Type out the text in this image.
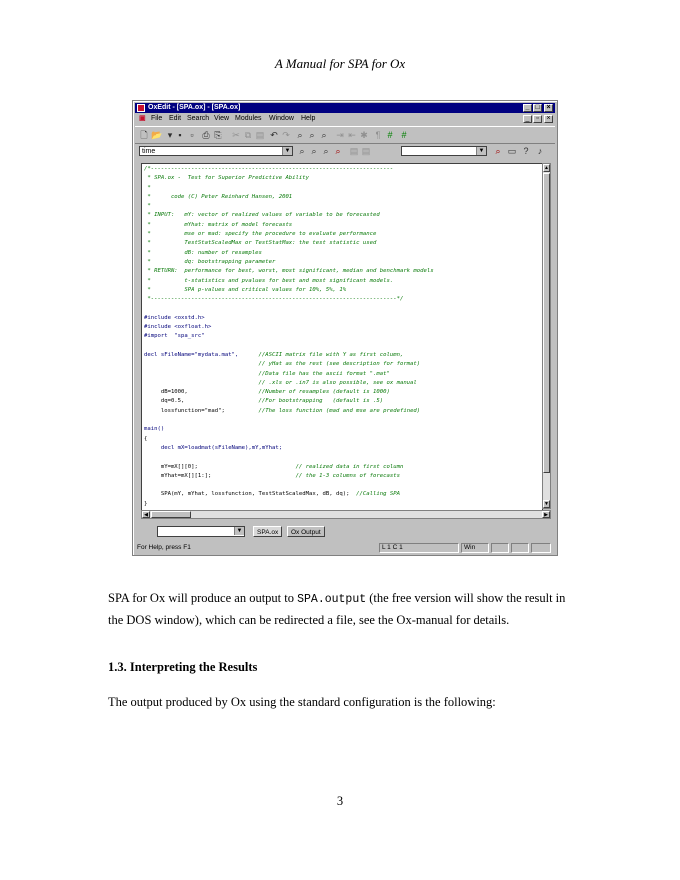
A Manual for SPA for Ox
OxEdit - [SPA.ox] - [SPA.ox]	_ □ ×
▣ File Edit Search View Modules Window Help	_ ▫	×
🗋 📂 ▾ ▪ ▫ ⎙ ⎘ ✂ ⧉ ▤ ↶ ↷ ⌕ ⌕ ⌕ ⇥ ⇤ ✱ ¶ # #
time	▼ ⌕ ⌕ ⌕ ⌕ ▤ ▤	▼ ⌕ ▭ ?	♪
/*------------------------------------------------------------------------
* SPA.ox -  Test for Superior Predictive Ability
*
*      code (C) Peter Reinhard Hansen, 2001
*
* INPUT:   mY: vector of realized values of variable to be forecasted
*          mYhat: matrix of model forecasts
*          mse or mad: specify the procedure to evaluate performance
*          TestStatScaledMax or TestStatMax: the test statistic used
*          dB: number of resamples
*          dq: bootstrapping parameter
* RETURN:  performance for best, worst, most significant, median and benchmark models
*          t-statistics and pvalues for best and most significant models.
*          SPA p-values and critical values for 10%, 5%, 1%
*-------------------------------------------------------------------------*/

#include <oxstd.h>
#include <oxfloat.h>
#import  "spa_src"

decl sFileName="mydata.mat",      //ASCII matrix file with Y as first column,
// yHat as the rest (see description for format)
//Data file has the ascii format ".mat"
// .xls or .in7 is also possible, see ox manual
dB=1000,                     //Number of resamples (default is 1000)
dq=0.5,                      //For bootstrapping   (default is .5)
lossfunction="mad";          //The loss function (mad and mse are predefined)

main()
{
decl mX=loadmat(sFileName),mY,mYhat;

mY=mX[][0];                             // realized data in first column
mYhat=mX[][1:];                         // the 1-3 columns of forecasts

SPA(mY, mYhat, lossfunction, TestStatScaledMax, dB, dq);  //Calling SPA
}
▲
▼
◀	▶
▼	SPA.ox	Ox Output
For Help, press F1	L 1 C 1	Win
SPA for Ox will produce an output to SPA.output (the free version will show the result in the DOS window), which can be redirected a file, see the Ox-manual for details.
1.3. Interpreting the Results
The output produced by Ox using the standard configuration is the following:
3
